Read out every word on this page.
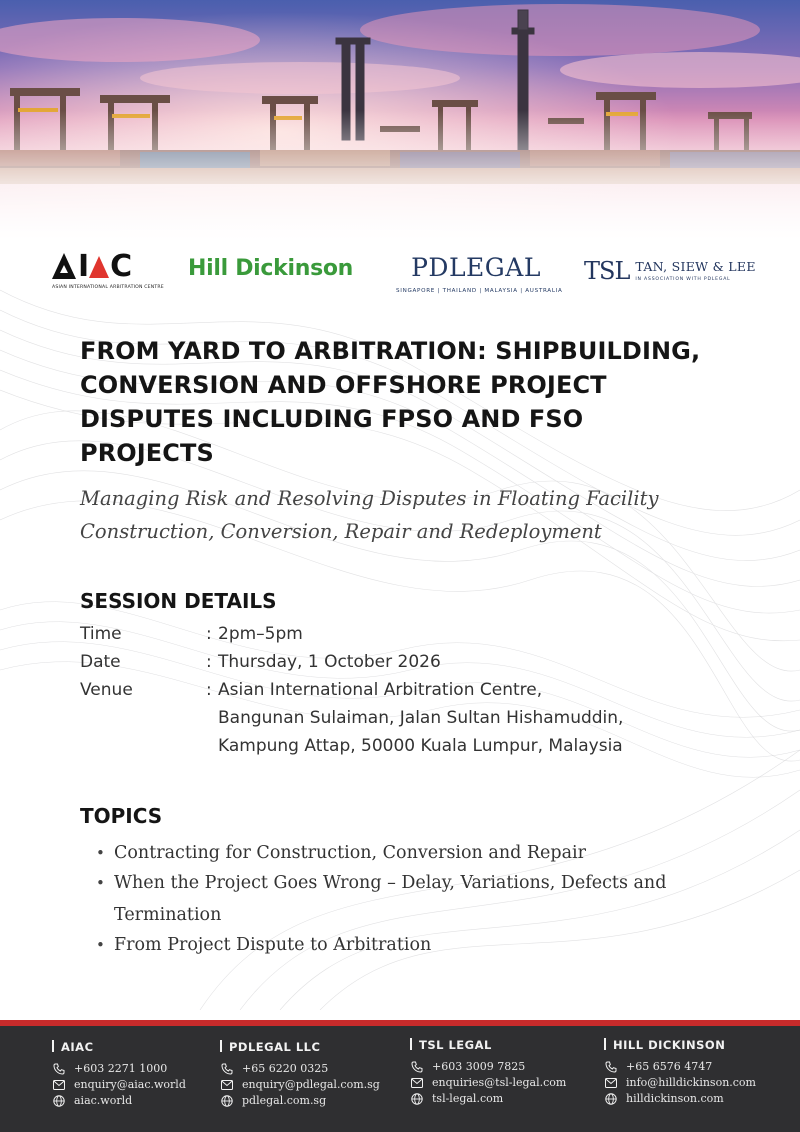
I C
ASIAN INTERNATIONAL ARBITRATION CENTRE
Hill Dickinson	PDLEGAL
SINGAPORE | THAILAND | MALAYSIA | AUSTRALIA
TSL TAN, SIEW & LEE
IN ASSOCIATION WITH PDLEGAL
FROM YARD TO ARBITRATION: SHIPBUILDING, CONVERSION AND OFFSHORE PROJECT DISPUTES INCLUDING FPSO AND FSO PROJECTS
Managing Risk and Resolving Disputes in Floating Facility Construction, Conversion, Repair and Redeployment
SESSION DETAILS
Time	: 2pm–5pm
Date	: Thursday, 1 October 2026
Venue	: Asian International Arbitration Centre,
Bangunan Sulaiman, Jalan Sultan Hishamuddin,
Kampung Attap, 50000 Kuala Lumpur, Malaysia
TOPICS
• Contracting for Construction, Conversion and Repair
• When the Project Goes Wrong – Delay, Variations, Defects and Termination
• From Project Dispute to Arbitration
AIAC
+603 2271 1000
enquiry@aiac.world
aiac.world
PDLEGAL LLC
+65 6220 0325
enquiry@pdlegal.com.sg
pdlegal.com.sg
TSL LEGAL
+603 3009 7825
enquiries@tsl-legal.com
tsl-legal.com
HILL DICKINSON
+65 6576 4747
info@hilldickinson.com
hilldickinson.com
